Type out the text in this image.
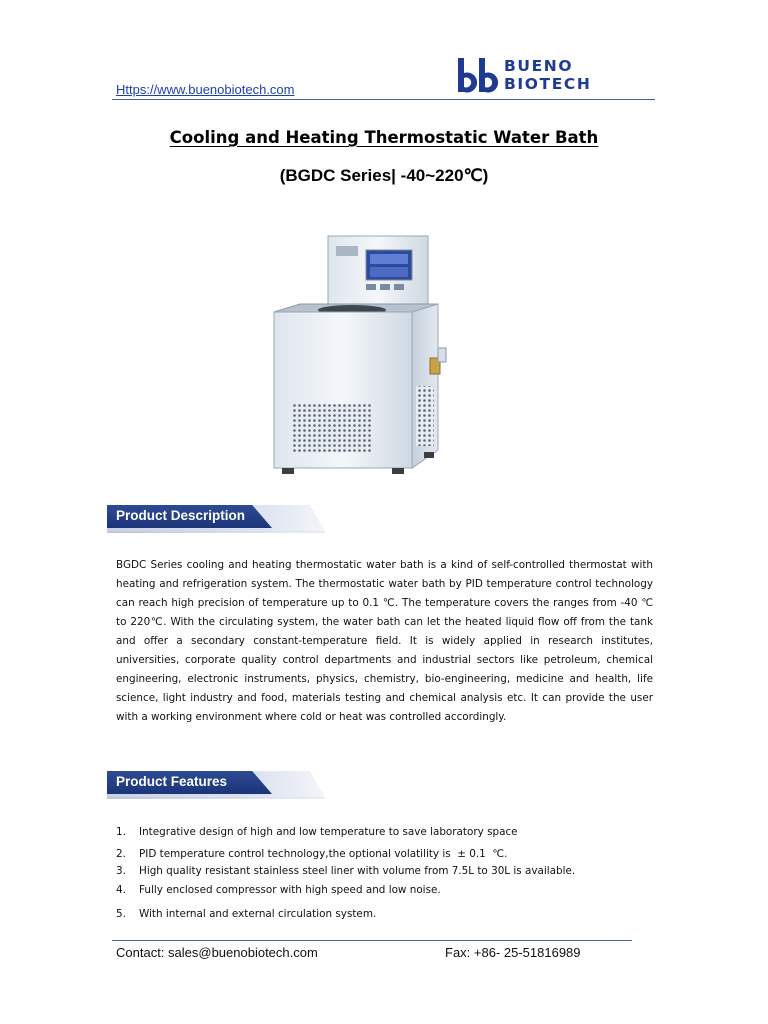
Https://www.buenobiotech.com
BUENO
BIOTECH
Cooling and Heating Thermostatic Water Bath
(BGDC Series| -40~220℃)
Product Description

BGDC Series cooling and heating thermostatic water bath is a kind of self-controlled thermostat with heating and refrigeration system. The thermostatic water bath by PID temperature control technology can reach high precision of temperature up to 0.1 ℃. The temperature covers the ranges from -40 ℃ to 220℃. With the circulating system, the water bath can let the heated liquid flow off from the tank and offer a secondary constant-temperature field. It is widely applied in research institutes, universities, corporate quality control departments and industrial sectors like petroleum, chemical engineering, electronic instruments, physics, chemistry, bio-engineering, medicine and health, life science, light industry and food, materials testing and chemical analysis etc. It can provide the user with a working environment where cold or heat was controlled accordingly.

Product Features
1.	Integrative design of high and low temperature to save laboratory space
2.	PID temperature control technology,the optional volatility is  ± 0.1  ℃.
3.	High quality resistant stainless steel liner with volume from 7.5L to 30L is available.
4.	Fully enclosed compressor with high speed and low noise.
5.	With internal and external circulation system.
Contact: sales@buenobiotech.com	Fax: +86- 25-51816989
